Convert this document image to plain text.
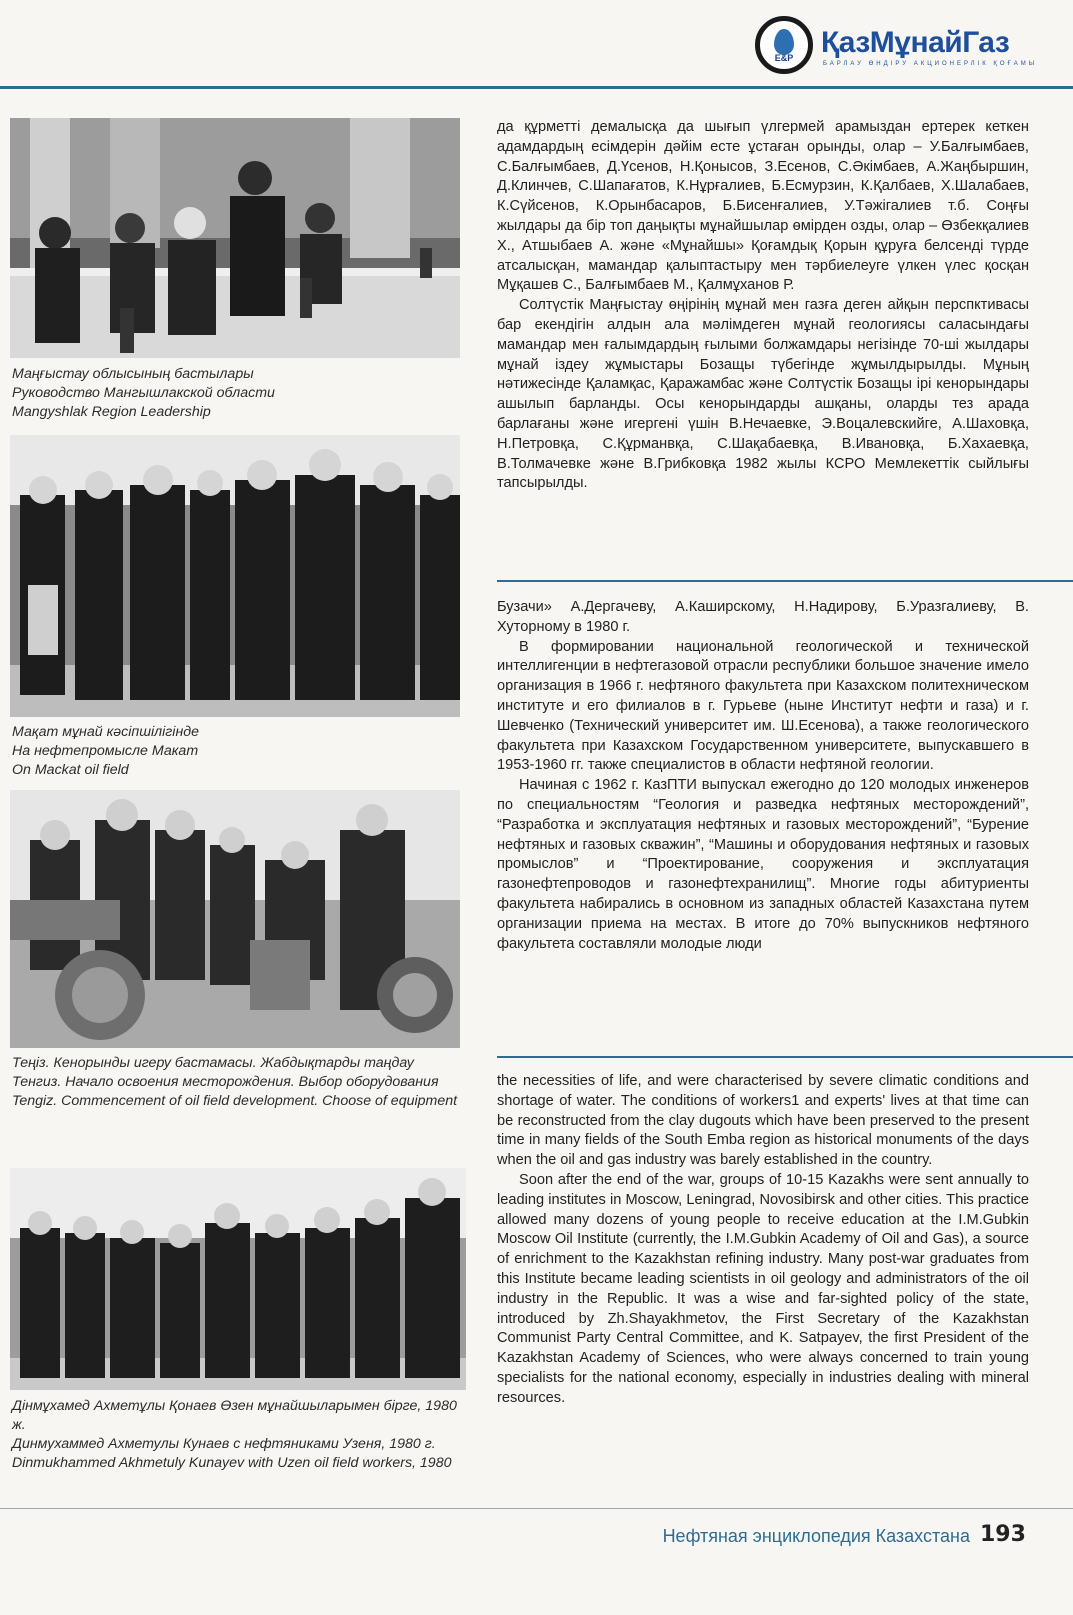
E&P ҚазМұнайГаз
БАРЛАУ ӨНДІРУ АКЦИОНЕРЛІК ҚОҒАМЫ
Маңғыстау облысының бастылары
Руководство Мангышлакской области
Mangyshlak Region Leadership
Мақат мұнай кәсіпшілігінде
На нефтепромысле Макат
On Mackat oil field
Теңіз. Кенорынды игеру бастамасы. Жабдықтарды таңдау
Тенгиз. Начало освоения месторождения. Выбор оборудования
Tengiz. Commencement of oil field development. Choose of equipment
Дінмұхамед Ахметұлы Қонаев Өзен мұнайшыларымен бірге, 1980 ж.
Динмухаммед Ахметулы Кунаев с нефтяниками Узеня, 1980 г.
Dinmukhammed Akhmetuly Kunayev with Uzen oil field workers, 1980

да құрметті демалысқа да шығып үлгермей арамыздан ертерек кеткен адамдардың есімдерін дәйім есте ұстаған орынды, олар – У.Балғымбаев, С.Балғымбаев, Д.Үсенов, Н.Қонысов, З.Есенов, С.Әкімбаев, А.Жаңбыршин, Д.Клинчев, С.Шапағатов, К.Нұрғалиев, Б.Есмурзин, К.Қалбаев, Х.Шалабаев, К.Сүйсенов, К.Орынбасаров, Б.Бисенғалиев, У.Тәжігалиев т.б. Соңғы жылдары да бір топ даңықты мұнайшылар өмірден озды, олар – Өзбекқалиев Х., Атшыбаев А. және «Мұнайшы» Қоғамдық Қорын құруға белсенді түрде атсалысқан, мамандар қалыптастыру мен тәрбиелеуге үлкен үлес қосқан Мұқашев С., Балғымбаев М., Қалмұханов Р.

Солтүстік Маңғыстау өңірінің мұнай мен газға деген айқын перспктивасы бар екендігін алдын ала мәлімдеген мұнай геологиясы саласындағы мамандар мен ғалымдардың ғылыми болжамдары негізінде 70-ші жылдары мұнай іздеу жұмыстары Бозащы түбегінде жұмылдырылды. Мұның нәтижесінде Қаламқас, Қаражамбас және Солтүстік Бозащы ірі кенорындары ашылып барланды. Осы кенорындарды ашқаны, оларды тез арада барлағаны және игергені үшін В.Нечаевке, Э.Воцалевскийге, А.Шаховқа, Н.Петровқа, С.Құрманвқа, С.Шақабаевқа, В.Ивановқа, Б.Хахаевқа, В.Толмачевке және В.Грибковқа 1982 жылы КСРО Мемлекеттік сыйлығы тапсырылды.

Бузачи» А.Дергачеву, А.Каширскому, Н.Надирову, Б.Уразгалиеву, В. Хуторному в 1980 г.

В формировании национальной геологической и технической интеллигенции в нефтегазовой отрасли республики большое значение имело организация в 1966 г. нефтяного факультета при Казахском политехническом институте и его филиалов в г. Гурьеве (ныне Институт нефти и газа) и г. Шевченко (Технический университет им. Ш.Есенова), а также геологического факультета при Казахском Государственном университете, выпускавшего в 1953-1960 гг. также специалистов в области нефтяной геологии.

Начиная с 1962 г. КазПТИ выпускал ежегодно до 120 молодых инженеров по специальностям “Геология и разведка нефтяных месторождений”, “Разработка и эксплуатация нефтяных и газовых месторождений”, “Бурение нефтяных и газовых скважин”, “Машины и оборудования нефтяных и газовых промыслов” и “Проектирование, сооружения и эксплуатация газонефтепроводов и газонефтехранилищ”. Многие годы абитуриенты факультета набирались в основном из западных областей Казахстана путем организации приема на местах. В итоге до 70% выпускников нефтяного факультета составляли молодые люди

the necessities of life, and were characterised by severe climatic conditions and shortage of water. The conditions of workers1 and experts' lives at that time can be reconstructed from the clay dugouts which have been preserved to the present time in many fields of the South Emba region as historical monuments of the days when the oil and gas industry was barely established in the country.

Soon after the end of the war, groups of 10-15 Kazakhs were sent annually to leading institutes in Moscow, Leningrad, Novosibirsk and other cities. This practice allowed many dozens of young people to receive education at the I.M.Gubkin Moscow Oil Institute (currently, the I.M.Gubkin Academy of Oil and Gas), a source of enrichment to the Kazakhstan refining industry. Many post-war graduates from this Institute became leading scientists in oil geology and administrators of the oil industry in the Republic. It was a wise and far-sighted policy of the state, introduced by Zh.Shayakhmetov, the First Secretary of the Kazakhstan Communist Party Central Committee, and K. Satpayev, the first President of the Kazakhstan Academy of Sciences, who were always concerned to train young specialists for the national economy, especially in industries dealing with mineral resources.

Нефтяная энциклопедия Казахстана 193
